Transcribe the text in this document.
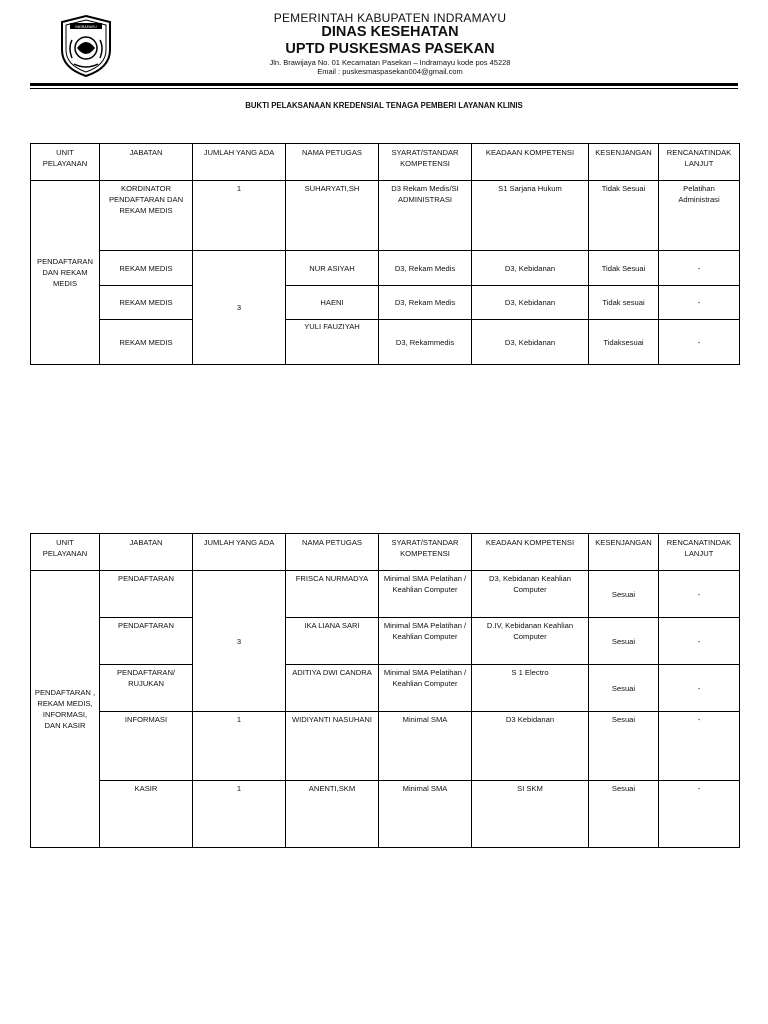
INDRAMAYU
PEMERINTAH KABUPATEN INDRAMAYU
DINAS KESEHATAN
UPTD PUSKESMAS PASEKAN
Jln. Brawijaya No. 01 Kecamatan Pasekan – Indramayu kode pos 45228
Email : puskesmaspasekan004@gmail.com
BUKTI PELAKSANAAN KREDENSIAL TENAGA PEMBERI LAYANAN KLINIS
UNIT PELAYANAN	JABATAN	JUMLAH YANG ADA	NAMA PETUGAS	SYARAT/STANDAR KOMPETENSI	KEADAAN KOMPETENSI	KESENJANGAN	RENCANATINDAK LANJUT
PENDAFTARAN DAN REKAM MEDIS	KORDINATOR PENDAFTARAN DAN REKAM MEDIS	1	SUHARYATI,SH	D3 Rekam Medis/SI ADMINISTRASI	S1 Sarjana Hukum	Tidak Sesuai	Pelatihan Administrasi
	REKAM MEDIS	3	NUR ASIYAH	D3, Rekam Medis	D3, Kebidanan	Tidak Sesuai	-
	REKAM MEDIS		HAENI	D3, Rekam Medis	D3, Kebidanan	Tidak sesuai	-
	REKAM MEDIS		YULI FAUZIYAH	D3, Rekammedis	D3, Kebidanan	Tidaksesuai	-
UNIT PELAYANAN	JABATAN	JUMLAH YANG ADA	NAMA PETUGAS	SYARAT/STANDAR KOMPETENSI	KEADAAN KOMPETENSI	KESENJANGAN	RENCANATINDAK LANJUT
PENDAFTARAN , REKAM MEDIS, INFORMASI, DAN KASIR	PENDAFTARAN	3	FRISCA NURMADYA	Minimal SMA Pelatihan / Keahlian Computer	D3, Kebidanan Keahlian Computer	Sesuai	-
	PENDAFTARAN		IKA LIANA SARI	Minimal SMA Pelatihan / Keahlian Computer	D.IV, Kebidanan Keahlian Computer	Sesuai	-
	PENDAFTARAN/ RUJUKAN		ADITIYA DWI CANDRA	Minimal SMA Pelatihan / Keahlian Computer	S 1 Electro	Sesuai	-
	INFORMASI	1	WIDIYANTI NASUHANI	Minimal SMA	D3 Kebidanan	Sesuai	-
	KASIR	1	ANENTI,SKM	Minimal SMA	SI SKM	Sesuai	-
